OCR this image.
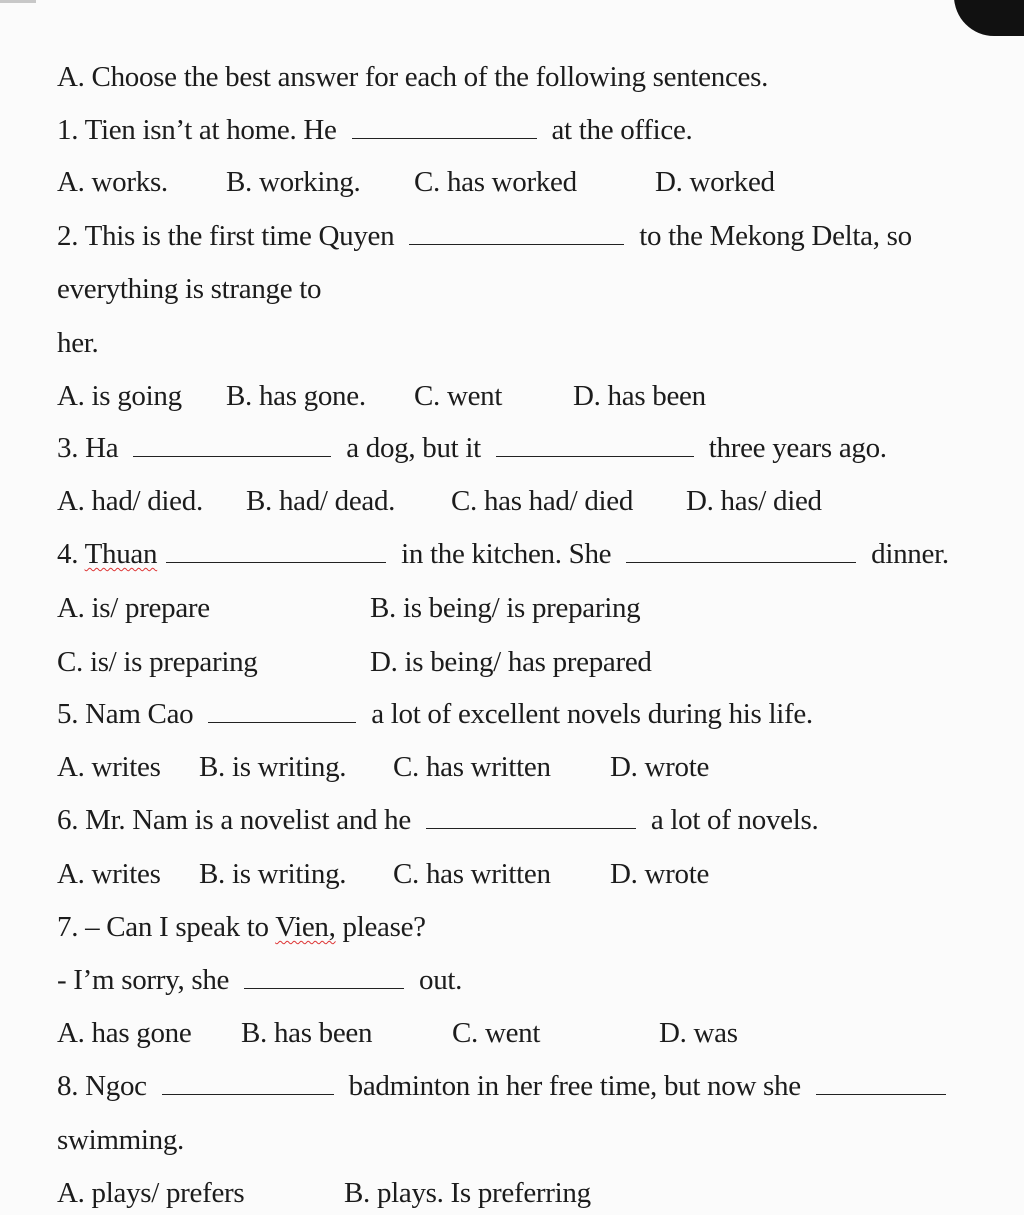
A. Choose the best answer for each of the following sentences.
1. Tien isn’t at home. He	at the office.
A. works. B. working. C. has worked	D. worked
2. This is the first time Quyen	to the Mekong Delta, so
everything is strange to
her.
A. is going B. has gone. C. went D. has been
3. Ha	a dog, but it	three years ago.
A. had/ died. B. had/ dead. C. has had/ died D. has/ died
4. Thuan	in the kitchen. She	dinner.
A. is/ prepare	B. is being/ is preparing
C. is/ is preparing	D. is being/ has prepared
5. Nam Cao	a lot of excellent novels during his life.
A. writes B. is writing. C. has written D. wrote
6. Mr. Nam is a novelist and he	a lot of novels.
A. writes B. is writing. C. has written D. wrote
7. – Can I speak to Vien, please?
- I’m sorry, she	out.
A. has gone B. has been	C. went	D. was
8. Ngoc	badminton in her free time, but now she
swimming.
A. plays/ prefers	B. plays. Is preferring
